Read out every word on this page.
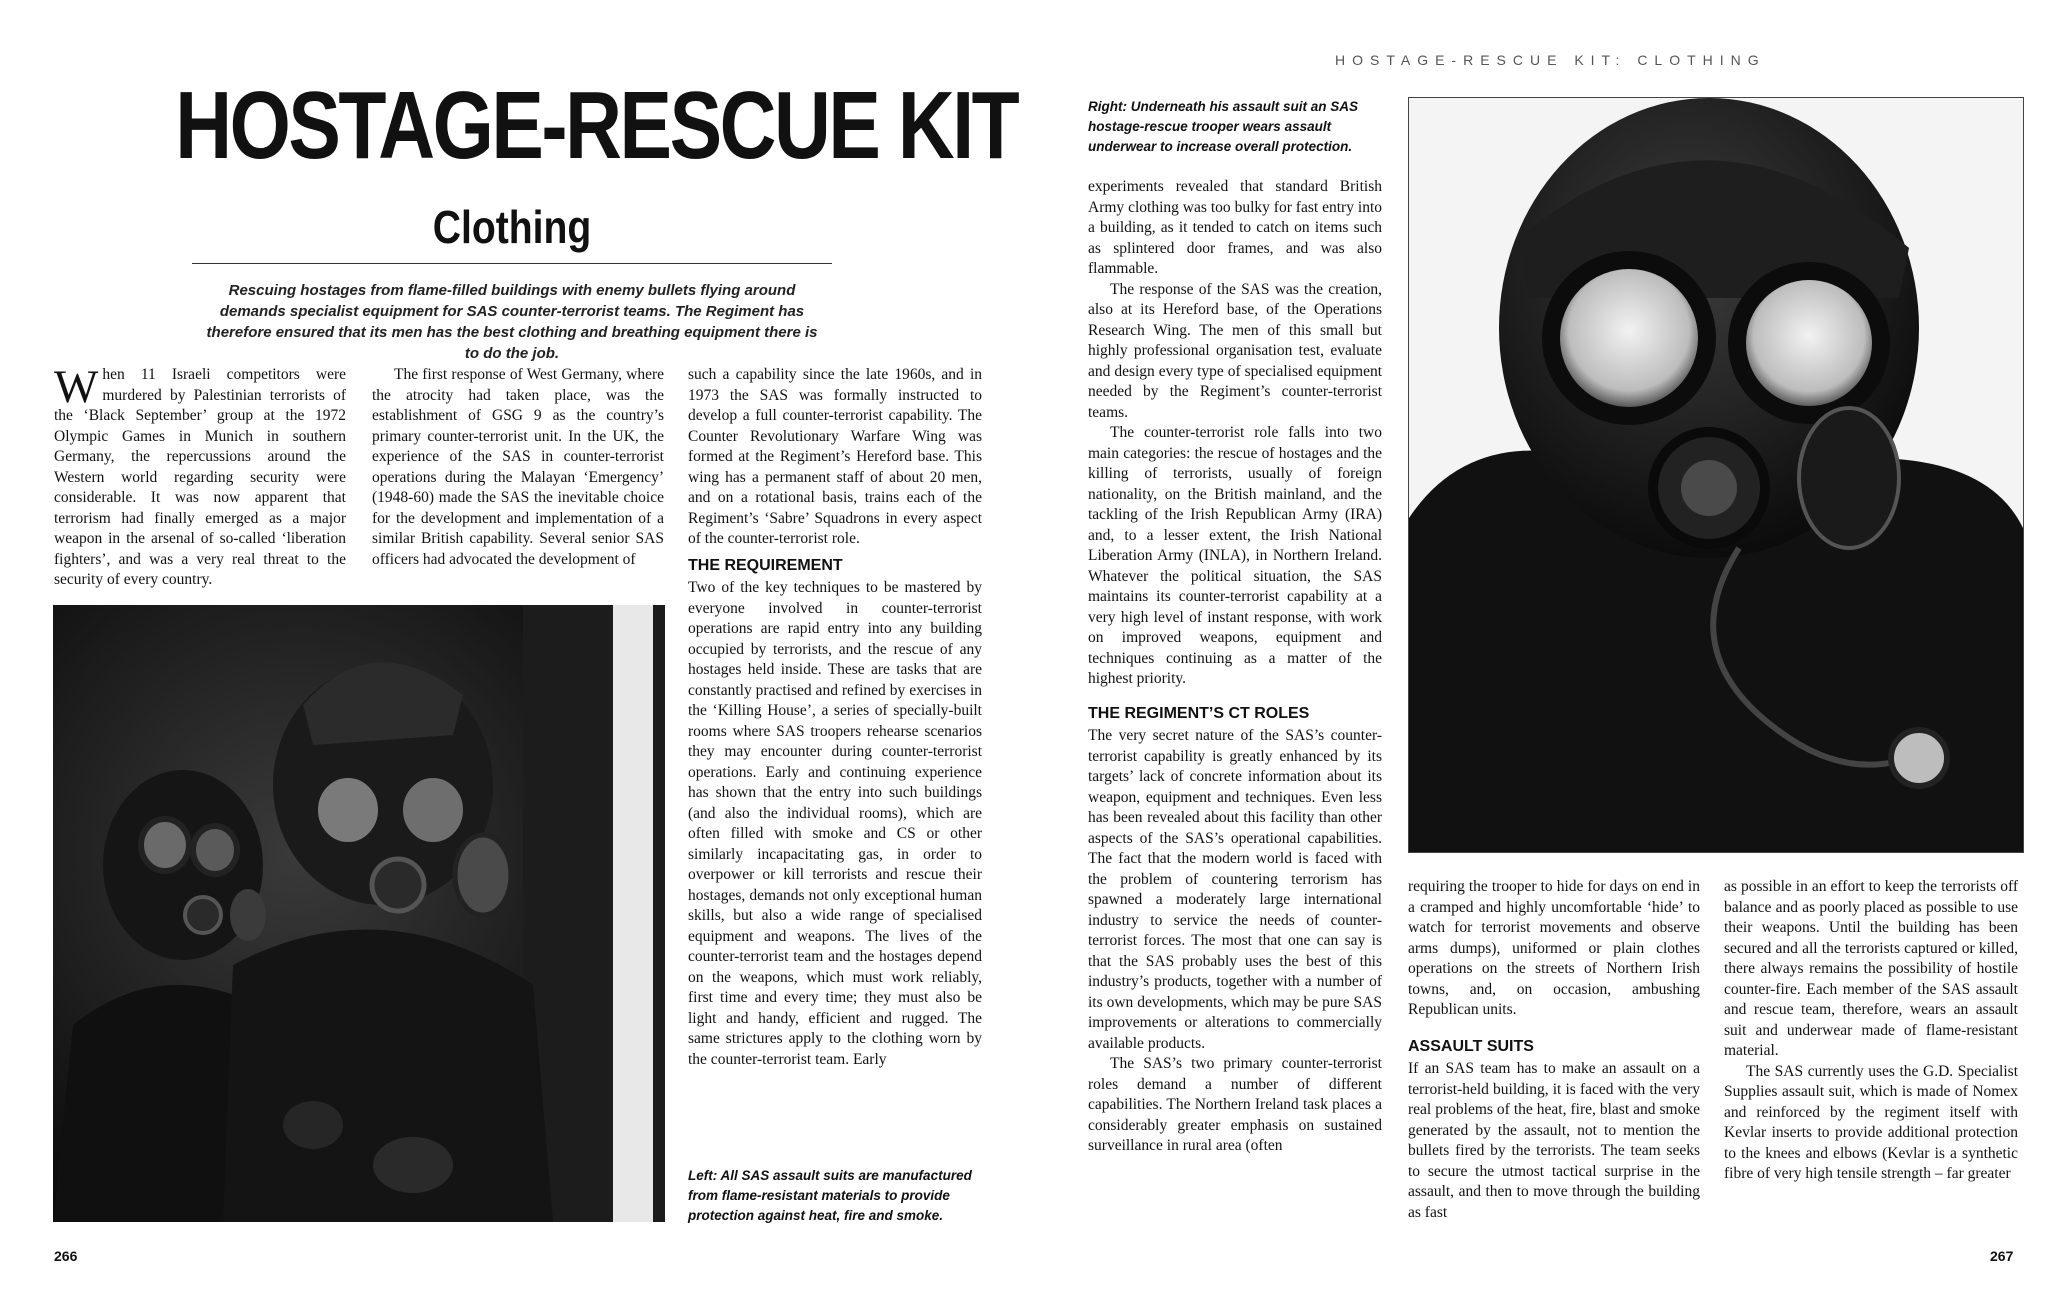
HOSTAGE-RESCUE KIT
Clothing
Rescuing hostages from flame-filled buildings with enemy bullets flying around demands specialist equipment for SAS counter-terrorist teams. The Regiment has therefore ensured that its men has the best clothing and breathing equipment there is to do the job.

When 11 Israeli competitors were murdered by Palestinian terrorists of the ‘Black September’ group at the 1972 Olympic Games in Munich in southern Germany, the repercussions around the Western world regarding security were considerable. It was now apparent that terrorism had finally emerged as a major weapon in the arsenal of so-called ‘liberation fighters’, and was a very real threat to the security of every country.

The first response of West Germany, where the atrocity had taken place, was the establishment of GSG 9 as the country’s primary counter-terrorist unit. In the UK, the experience of the SAS in counter-terrorist operations during the Malayan ‘Emergency’ (1948-60) made the SAS the inevitable choice for the development and implementation of a similar British capability. Several senior SAS officers had advocated the development of

such a capability since the late 1960s, and in 1973 the SAS was formally instructed to develop a full counter-terrorist capability. The Counter Revolutionary Warfare Wing was formed at the Regiment’s Hereford base. This wing has a permanent staff of about 20 men, and on a rotational basis, trains each of the Regiment’s ‘Sabre’ Squadrons in every aspect of the counter-terrorist role.

THE REQUIREMENT

Two of the key techniques to be mastered by everyone involved in counter-terrorist operations are rapid entry into any building occupied by terrorists, and the rescue of any hostages held inside. These are tasks that are constantly practised and refined by exercises in the ‘Killing House’, a series of specially-built rooms where SAS troopers rehearse scenarios they may encounter during counter-terrorist operations. Early and continuing experience has shown that the entry into such buildings (and also the individual rooms), which are often filled with smoke and CS or other similarly incapacitating gas, in order to overpower or kill terrorists and rescue their hostages, demands not only exceptional human skills, but also a wide range of specialised equipment and weapons. The lives of the counter-terrorist team and the hostages depend on the weapons, which must work reliably, first time and every time; they must also be light and handy, efficient and rugged. The same strictures apply to the clothing worn by the counter-terrorist team. Early

Left: All SAS assault suits are manufactured from flame-resistant materials to provide protection against heat, fire and smoke.
266
HOSTAGE-RESCUE KIT: CLOTHING
Right: Underneath his assault suit an SAS hostage-rescue trooper wears assault underwear to increase overall protection.

experiments revealed that standard British Army clothing was too bulky for fast entry into a building, as it tended to catch on items such as splintered door frames, and was also flammable.

The response of the SAS was the creation, also at its Hereford base, of the Operations Research Wing. The men of this small but highly professional organisation test, evaluate and design every type of specialised equipment needed by the Regiment’s counter-terrorist teams.

The counter-terrorist role falls into two main categories: the rescue of hostages and the killing of terrorists, usually of foreign nationality, on the British mainland, and the tackling of the Irish Republican Army (IRA) and, to a lesser extent, the Irish National Liberation Army (INLA), in Northern Ireland. Whatever the political situation, the SAS maintains its counter-terrorist capability at a very high level of instant response, with work on improved weapons, equipment and techniques continuing as a matter of the highest priority.

THE REGIMENT’S CT ROLES

The very secret nature of the SAS’s counter-terrorist capability is greatly enhanced by its targets’ lack of concrete information about its weapon, equipment and techniques. Even less has been revealed about this facility than other aspects of the SAS’s operational capabilities. The fact that the modern world is faced with the problem of countering terrorism has spawned a moderately large international industry to service the needs of counter-terrorist forces. The most that one can say is that the SAS probably uses the best of this industry’s products, together with a number of its own developments, which may be pure SAS improvements or alterations to commercially available products.

The SAS’s two primary counter-terrorist roles demand a number of different capabilities. The Northern Ireland task places a considerably greater emphasis on sustained surveillance in rural area (often

requiring the trooper to hide for days on end in a cramped and highly uncomfortable ‘hide’ to watch for terrorist movements and observe arms dumps), uniformed or plain clothes operations on the streets of Northern Irish towns, and, on occasion, ambushing Republican units.

ASSAULT SUITS

If an SAS team has to make an assault on a terrorist-held building, it is faced with the very real problems of the heat, fire, blast and smoke generated by the assault, not to mention the bullets fired by the terrorists. The team seeks to secure the utmost tactical surprise in the assault, and then to move through the building as fast

as possible in an effort to keep the terrorists off balance and as poorly placed as possible to use their weapons. Until the building has been secured and all the terrorists captured or killed, there always remains the possibility of hostile counter-fire. Each member of the SAS assault and rescue team, therefore, wears an assault suit and underwear made of flame-resistant material.

The SAS currently uses the G.D. Specialist Supplies assault suit, which is made of Nomex and reinforced by the regiment itself with Kevlar inserts to provide additional protection to the knees and elbows (Kevlar is a synthetic fibre of very high tensile strength – far greater

267
